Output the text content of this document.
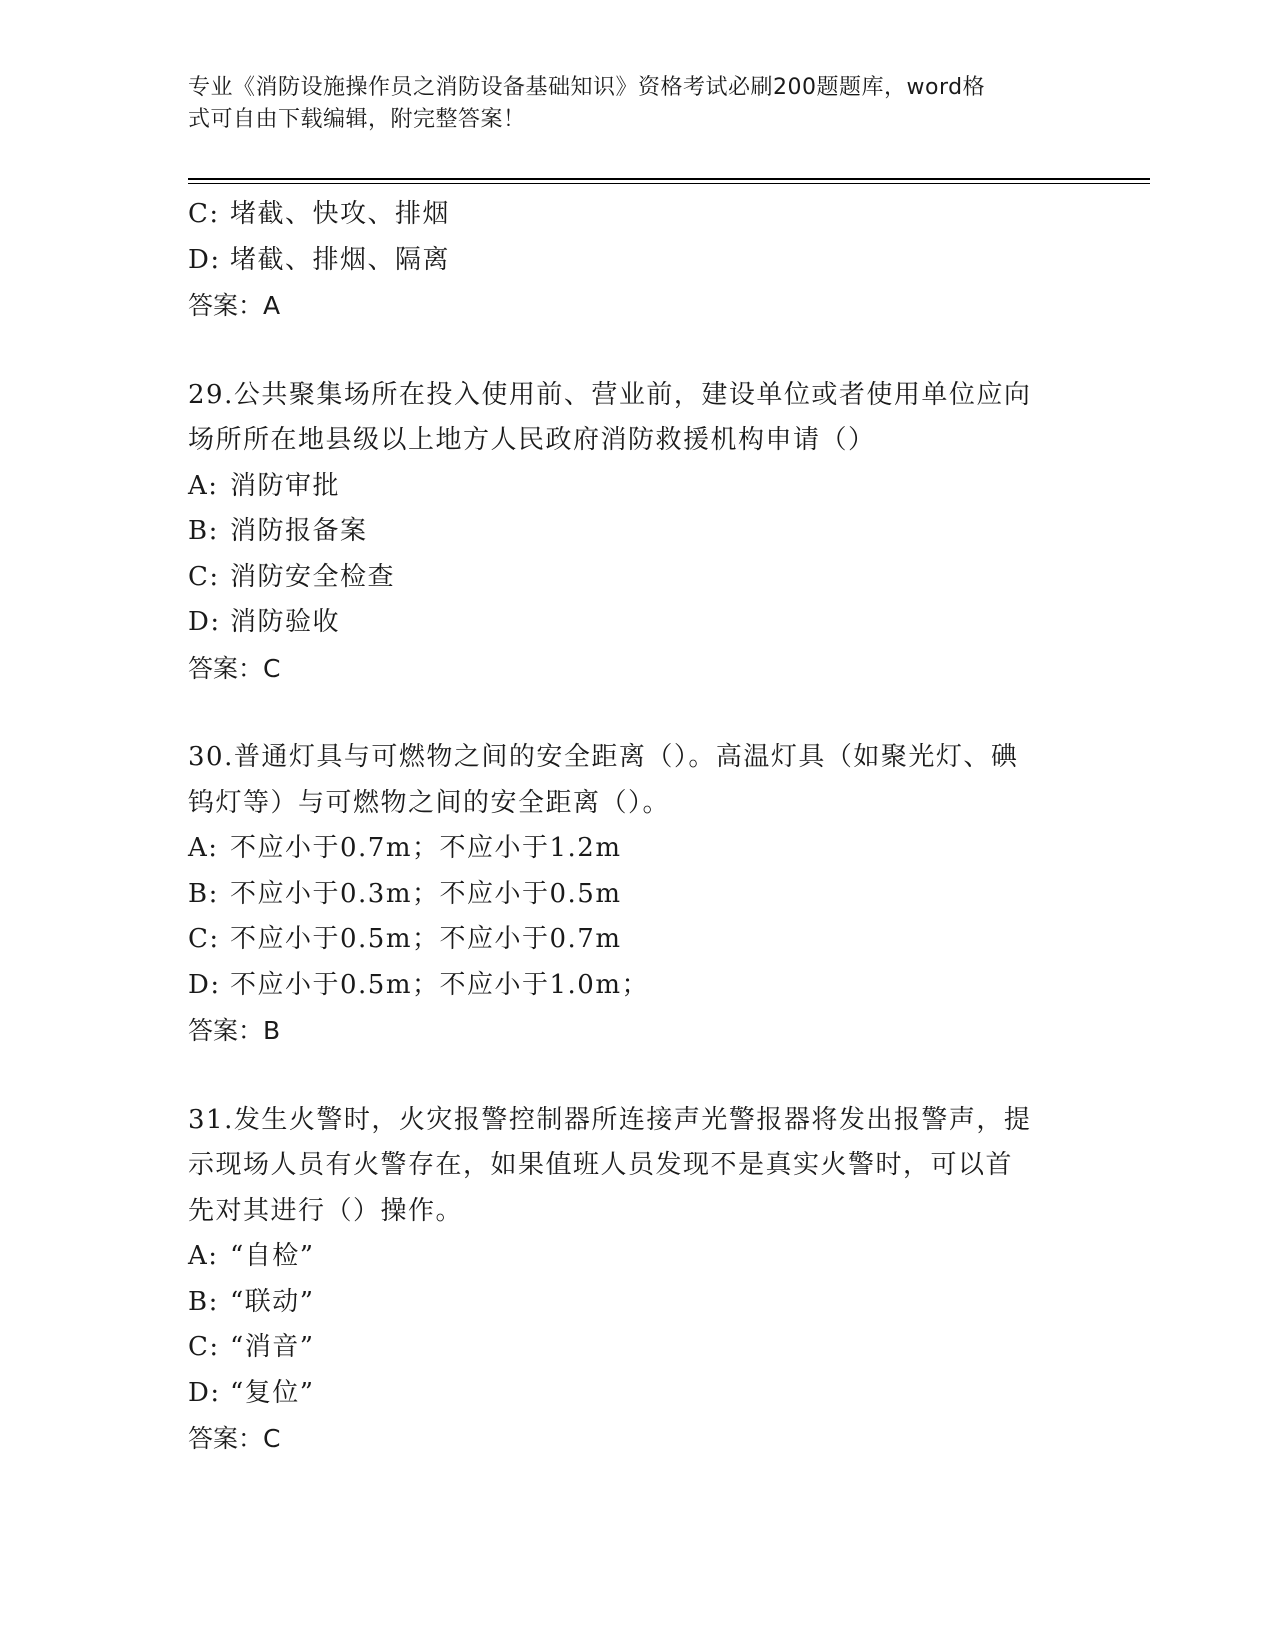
专业《消防设施操作员之消防设备基础知识》资格考试必刷200题题库，word格
式可自由下载编辑，附完整答案！
C: 堵截、快攻、排烟
D: 堵截、排烟、隔离
答案：A
29.公共聚集场所在投入使用前、营业前，建设单位或者使用单位应向
场所所在地县级以上地方人民政府消防救援机构申请（）
A: 消防审批
B: 消防报备案
C: 消防安全检查
D: 消防验收
答案：C
30.普通灯具与可燃物之间的安全距离（）。高温灯具（如聚光灯、碘
钨灯等）与可燃物之间的安全距离（）。
A: 不应小于0.7m；不应小于1.2m
B: 不应小于0.3m；不应小于0.5m
C: 不应小于0.5m；不应小于0.7m
D: 不应小于0.5m；不应小于1.0m；
答案：B
31.发生火警时，火灾报警控制器所连接声光警报器将发出报警声，提
示现场人员有火警存在，如果值班人员发现不是真实火警时，可以首
先对其进行（）操作。
A: “自检”
B: “联动”
C: “消音”
D: “复位”
答案：C
